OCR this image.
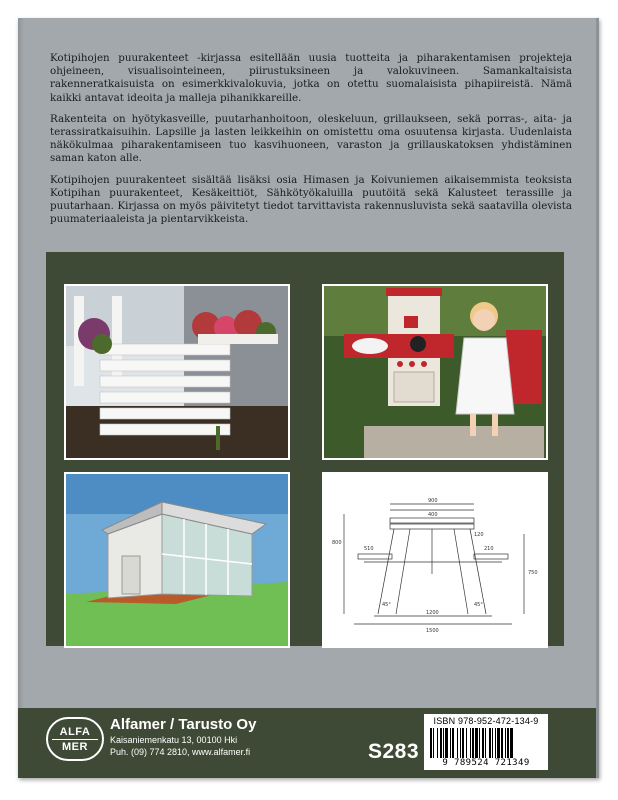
Kotipihojen puurakenteet -kirjassa esitellään uusia tuotteita ja piharakentamisen projekteja ohjeineen, visualisointeineen, piirustuksineen ja valokuvineen. Samankaltaisista rakenneratkaisuista on esimerkkivalokuvia, jotka on otettu suomalaisista pihapiireistä. Nämä kaikki antavat ideoita ja malleja pihanikkareille.

Rakenteita on hyötykasveille, puutarhanhoitoon, oleskeluun, grillaukseen, sekä porras-, aita- ja terassiratkaisuihin. Lapsille ja lasten leikkeihin on omistettu oma osuutensa kirjasta. Uudenlaista näkökulmaa piharakentamiseen tuo kasvihuoneen, varaston ja grillauskatoksen yhdistäminen saman katon alle.

Kotipihojen puurakenteet sisältää lisäksi osia Himasen ja Koivuniemen aikaisemmista teoksista Kotipihan puurakenteet, Kesäkeittiöt, Sähkötyökaluilla puutöitä sekä Kalusteet terassille ja puutarhaan. Kirjassa on myös päivitetyt tiedot tarvittavista rakennusluvista sekä saatavilla olevista puumateriaaleista ja pientarvikkeista.

900
400
120
510	210
1200
1500
800
750
45°	45°
ALFA
MER
Alfamer / Tarusto Oy
Kaisaniemenkatu 13, 00100 Hki
Puh. (09) 774 2810, www.alfamer.fi	S283
ISBN 978-952-472-134-9
9 789524 721349
